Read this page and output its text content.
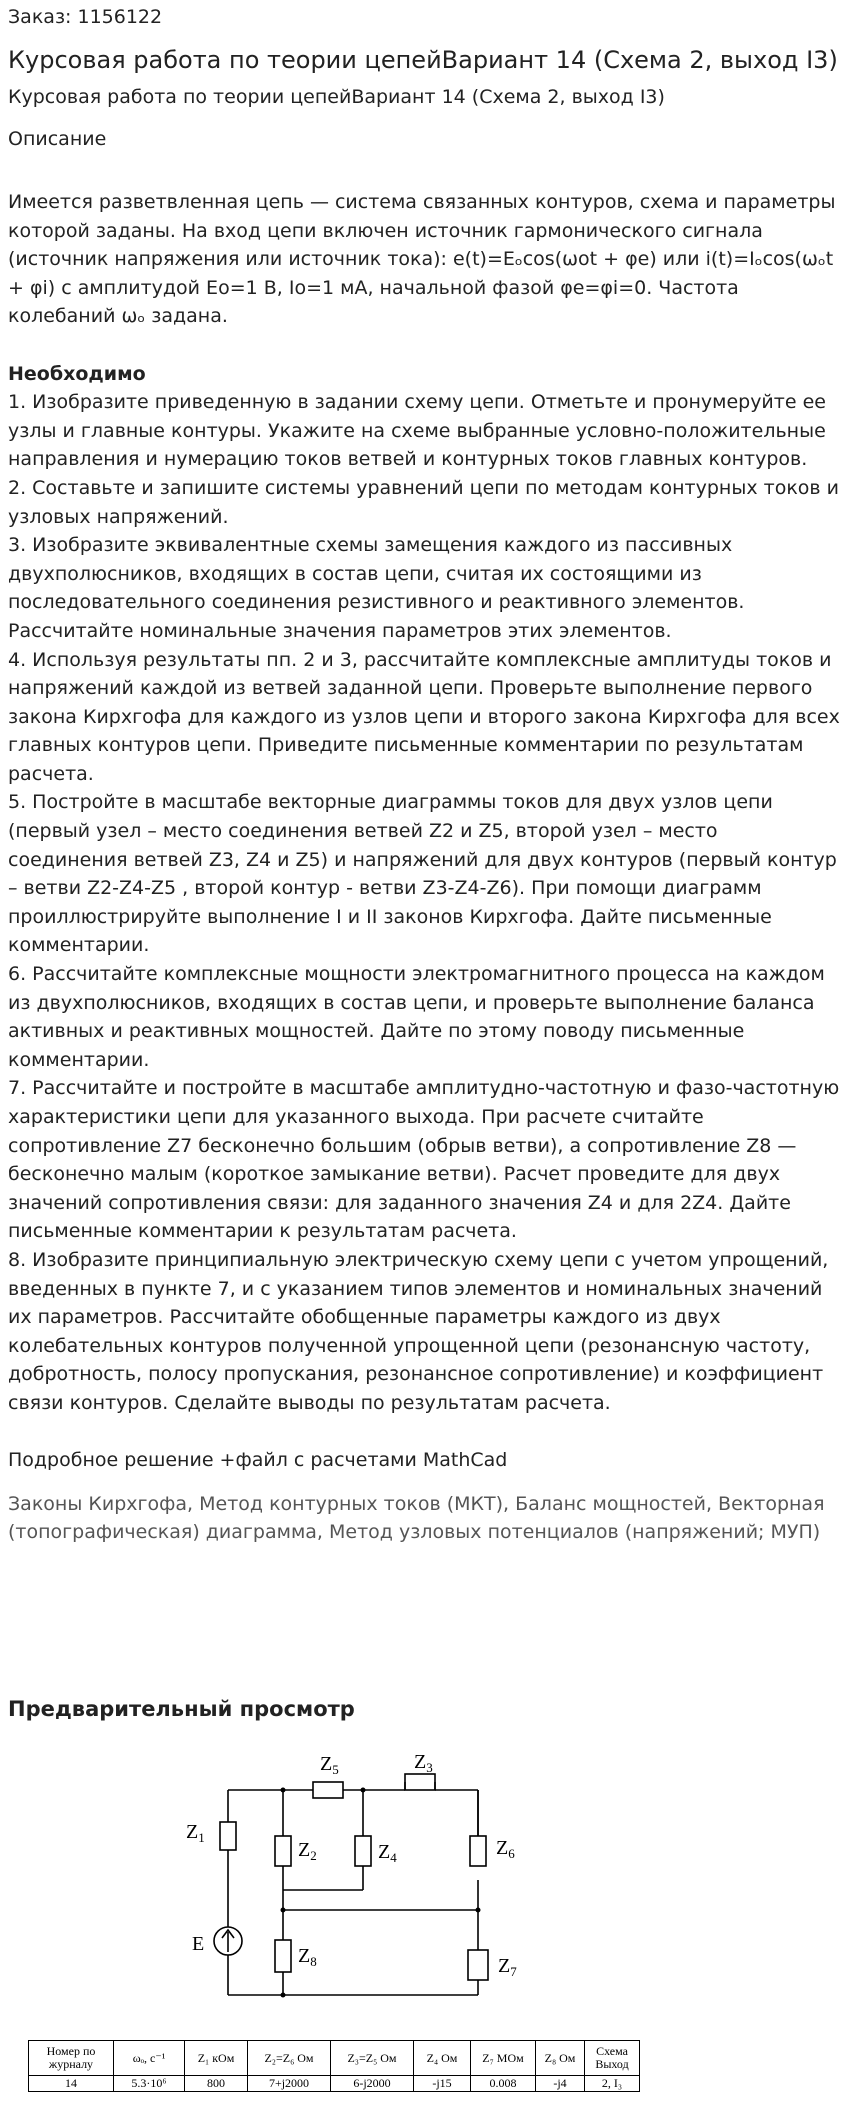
Заказ: 1156122
Курсовая работа по теории цепейВариант 14 (Схема 2, выход I3)
Курсовая работа по теории цепейВариант 14 (Схема 2, выход I3)
Описание
Имеется разветвленная цепь — система связанных контуров, схема и параметры которой заданы. На вход цепи включен источник гармонического сигнала (источник напряжения или источник тока): e(t)=Eₒcos(ωоt + φe) или i(t)=Iₒcos(ωₒt + φi) с амплитудой Eо=1 В, Iо=1 мА, начальной фазой φe=φi=0. Частота колебаний ωₒ задана.

Необходимо
1. Изобразите приведенную в задании схему цепи. Отметьте и пронумеруйте ее узлы и главные контуры. Укажите на схеме выбранные условно-положительные направления и нумерацию токов ветвей и контурных токов главных контуров.
2. Составьте и запишите системы уравнений цепи по методам контурных токов и узловых напряжений.
3. Изобразите эквивалентные схемы замещения каждого из пассивных двухполюсников, входящих в состав цепи, считая их состоящими из последовательного соединения резистивного и реактивного элементов. Рассчитайте номинальные значения параметров этих элементов.
4. Используя результаты пп. 2 и 3, рассчитайте комплексные амплитуды токов и напряжений каждой из ветвей заданной цепи. Проверьте выполнение первого закона Кирхгофа для каждого из узлов цепи и второго закона Кирхгофа для всех главных контуров цепи. Приведите письменные комментарии по результатам расчета.
5. Постройте в масштабе векторные диаграммы токов для двух узлов цепи (первый узел – место соединения ветвей Z2 и Z5, второй узел – место соединения ветвей Z3, Z4 и Z5) и напряжений для двух контуров (первый контур – ветви Z2-Z4-Z5 , второй контур - ветви Z3-Z4-Z6). При помощи диаграмм проиллюстрируйте выполнение I и II законов Кирхгофа. Дайте письменные комментарии.
6. Рассчитайте комплексные мощности электромагнитного процесса на каждом из двухполюсников, входящих в состав цепи, и проверьте выполнение баланса активных и реактивных мощностей. Дайте по этому поводу письменные комментарии.
7. Рассчитайте и постройте в масштабе амплитудно-частотную и фазо-частотную характеристики цепи для указанного выхода. При расчете считайте сопротивление Z7 бесконечно большим (обрыв ветви), а сопротивление Z8 — бесконечно малым (короткое замыкание ветви). Расчет проведите для двух значений сопротивления связи: для заданного значения Z4 и для 2Z4. Дайте письменные комментарии к результатам расчета.
8. Изобразите принципиальную электрическую схему цепи с учетом упрощений, введенных в пункте 7, и с указанием типов элементов и номинальных значений их параметров. Рассчитайте обобщенные параметры каждого из двух колебательных контуров полученной упрощенной цепи (резонансную частоту, добротность, полосу пропускания, резонансное сопротивление) и коэффициент связи контуров. Сделайте выводы по результатам расчета.

Подробное решение +файл с расчетами MathCad
Законы Кирхгофа, Метод контурных токов (МКТ), Баланс мощностей, Векторная (топографическая) диаграмма, Метод узловых потенциалов (напряжений; МУП)
Предварительный просмотр
$Z_5$	$Z_3$
$Z_1$
$Z_2$	$Z_4$	$Z_6$
$Z_8$	$Z_7$
E
Номер по журналу	ωₒ, с⁻¹	Z₁ кОм	Z₂=Z₆ Ом	Z₃=Z₅ Ом	Z₄ Ом	Z₇ МОм	Z₈ Ом	Схема Выход
14	5.3·10⁶	800	7+j2000	6-j2000	-j15	0.008	-j4	2, I₃
